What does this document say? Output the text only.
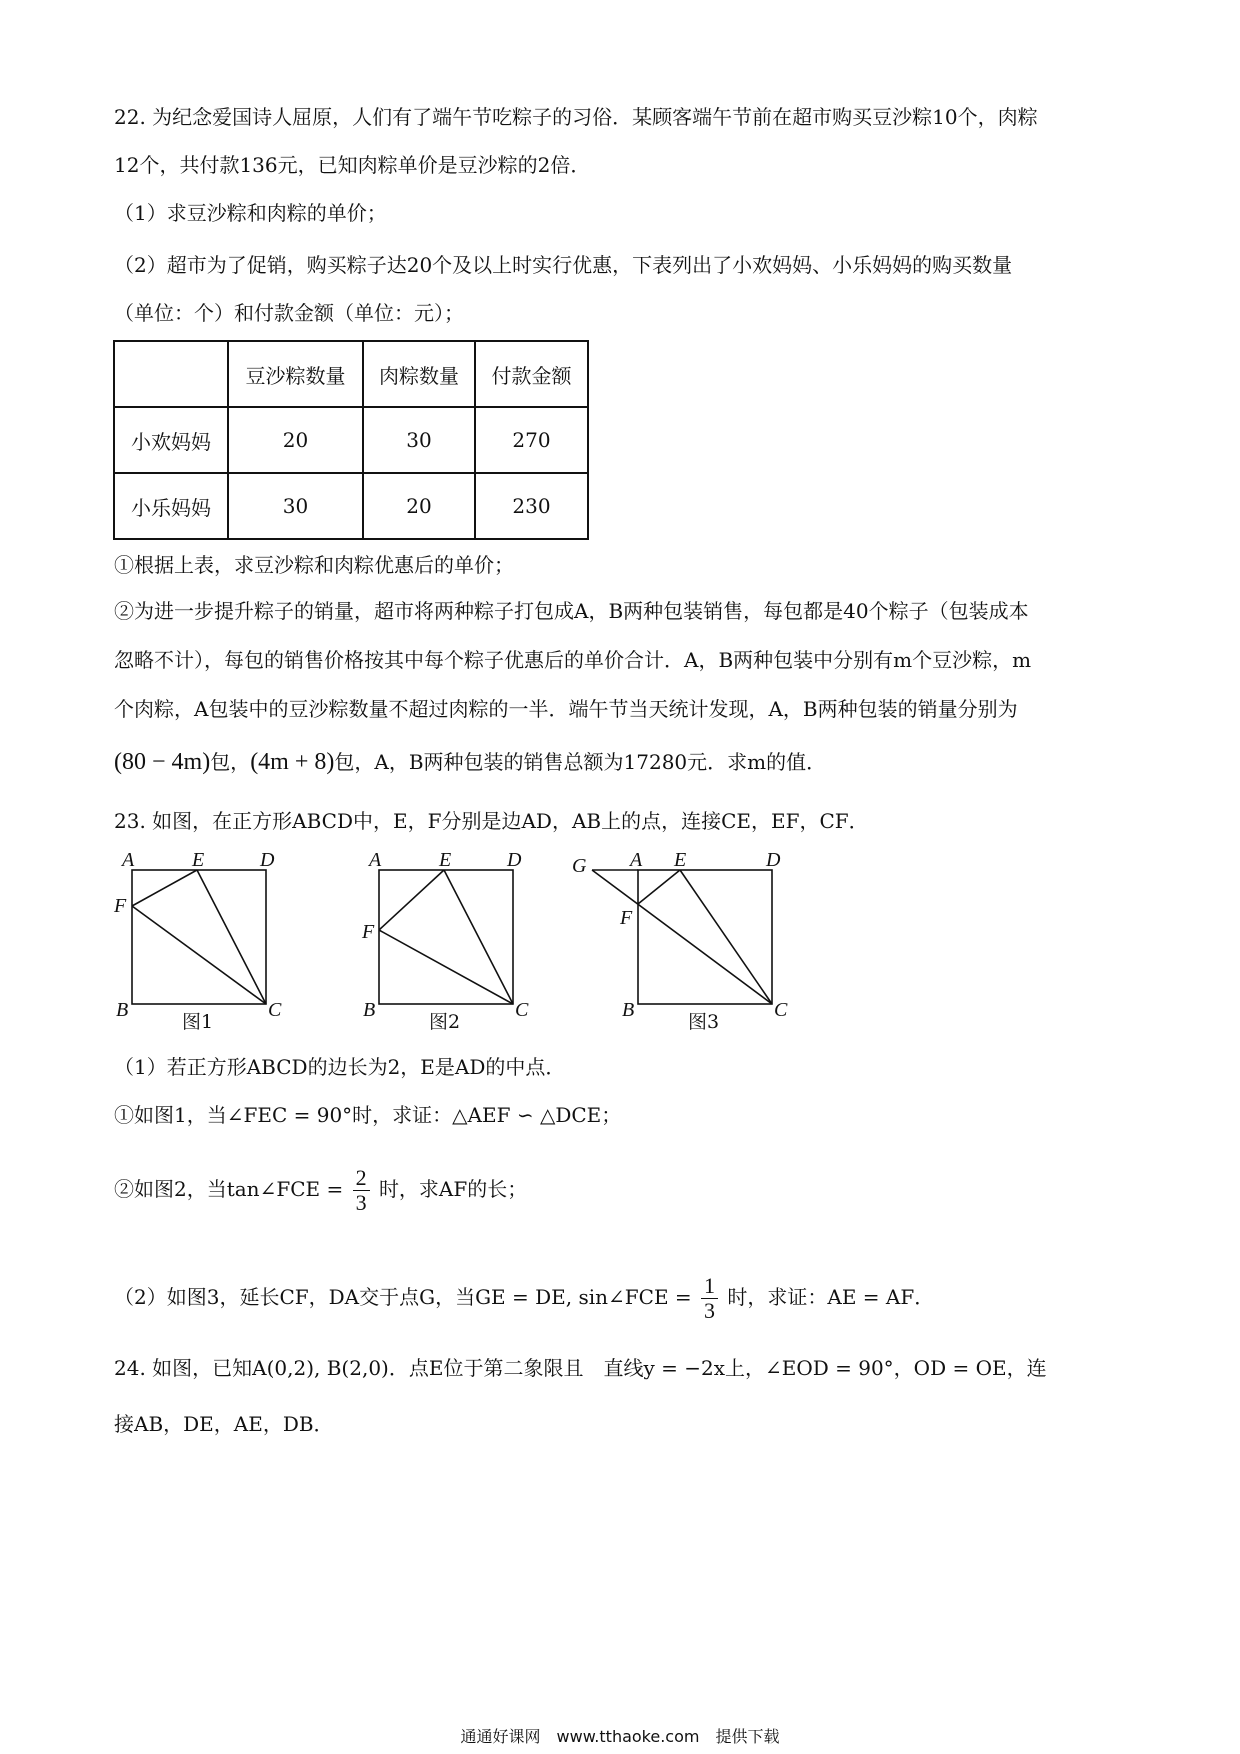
22. 为纪念爱国诗人屈原，人们有了端午节吃粽子的习俗．某顾客端午节前在超市购买豆沙粽10个，肉粽
12个，共付款136元，已知肉粽单价是豆沙粽的2倍．
（1）求豆沙粽和肉粽的单价；
（2）超市为了促销，购买粽子达20个及以上时实行优惠，下表列出了小欢妈妈、小乐妈妈的购买数量
（单位：个）和付款金额（单位：元）；
	豆沙粽数量	肉粽数量	付款金额
小欢妈妈	20	30	270
小乐妈妈	30	20	230
①根据上表，求豆沙粽和肉粽优惠后的单价；
②为进一步提升粽子的销量，超市将两种粽子打包成A，B两种包装销售，每包都是40个粽子（包装成本
忽略不计），每包的销售价格按其中每个粽子优惠后的单价合计．A，B两种包装中分别有m个豆沙粽，m
个肉粽，A包装中的豆沙粽数量不超过肉粽的一半．端午节当天统计发现，A，B两种包装的销量分别为
(80 − 4m)包，(4m + 8)包，A，B两种包装的销售总额为17280元．求m的值．
23. 如图，在正方形ABCD中，E，F分别是边AD，AB上的点，连接CE，EF，CF．
A	E	D
F
B	C
图1
A	E	D
F
B	C
图2
G A E	D
F
B	C
图3
（1）若正方形ABCD的边长为2，E是AD的中点．
①如图1，当∠FEC = 90°时，求证：△AEF ∽ △DCE；
②如图2，当tan∠FCE = $\frac{2}{3}$ 时，求AF的长；
（2）如图3，延长CF，DA交于点G，当GE = DE, sin∠FCE = $\frac{1}{3}$ 时，求证：AE = AF．
24. 如图，已知A(0,2), B(2,0)．点E位于第二象限且　直线y = −2x上，∠EOD = 90°，OD = OE，连
接AB，DE，AE，DB．
通通好课网　www.tthaoke.com　提供下载
